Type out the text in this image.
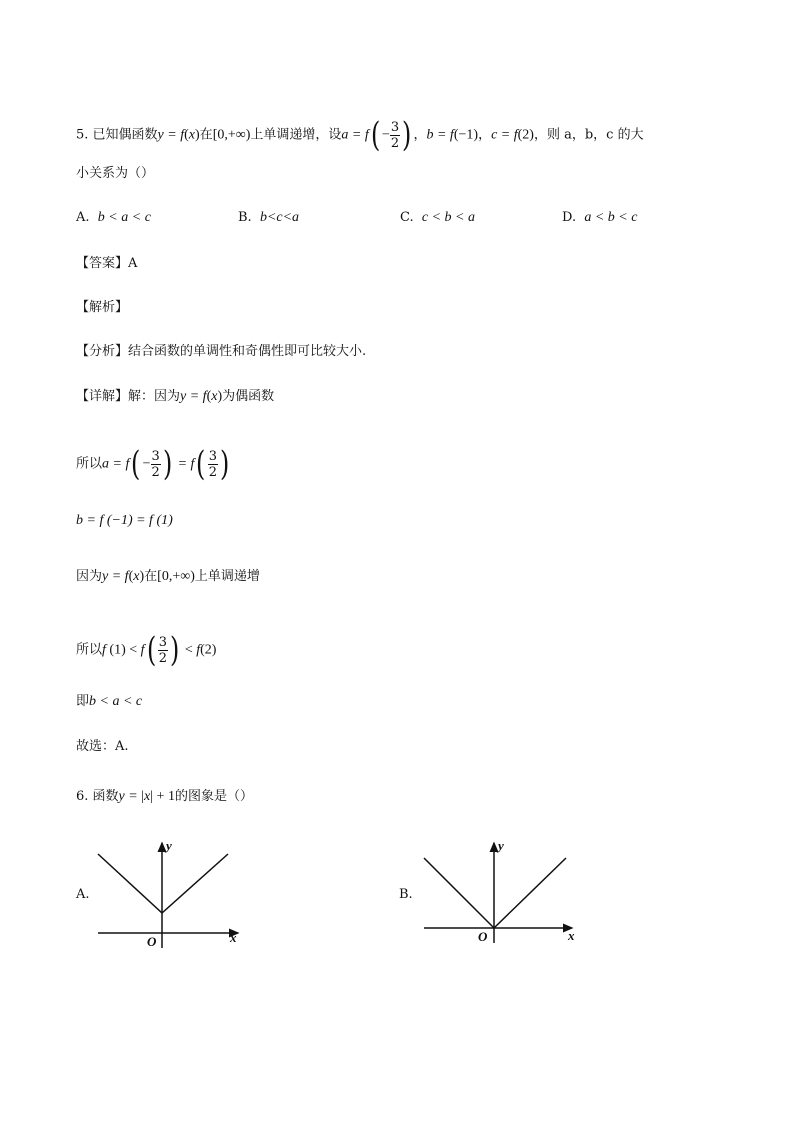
5. 已知偶函数y = f(x)在[0,+∞)上单调递增，设$a = f( - \frac{3}{2}$ ) ，b = f(−1)，c = f(2)，则 a，b，c 的大
小关系为（）
A. b < a < c	B. b<c<a	C. c < b < a	D. a < b < c
【答案】A
【解析】
【分析】结合函数的单调性和奇偶性即可比较大小.
【详解】解：因为y = f(x)为偶函数
所以$a = f( - \frac{3}{2}$ ) = $f( \frac{3}{2}$ )
b = f (−1) = f (1)
因为y = f(x)在[0,+∞)上单调递增
所以f $(1) < f( \frac{3}{2}$ ) < f(2)
即b < a < c
故选：A.
6. 函数y = |x| + 1的图象是（）
A.
y
x
O
B.
y
x
O
